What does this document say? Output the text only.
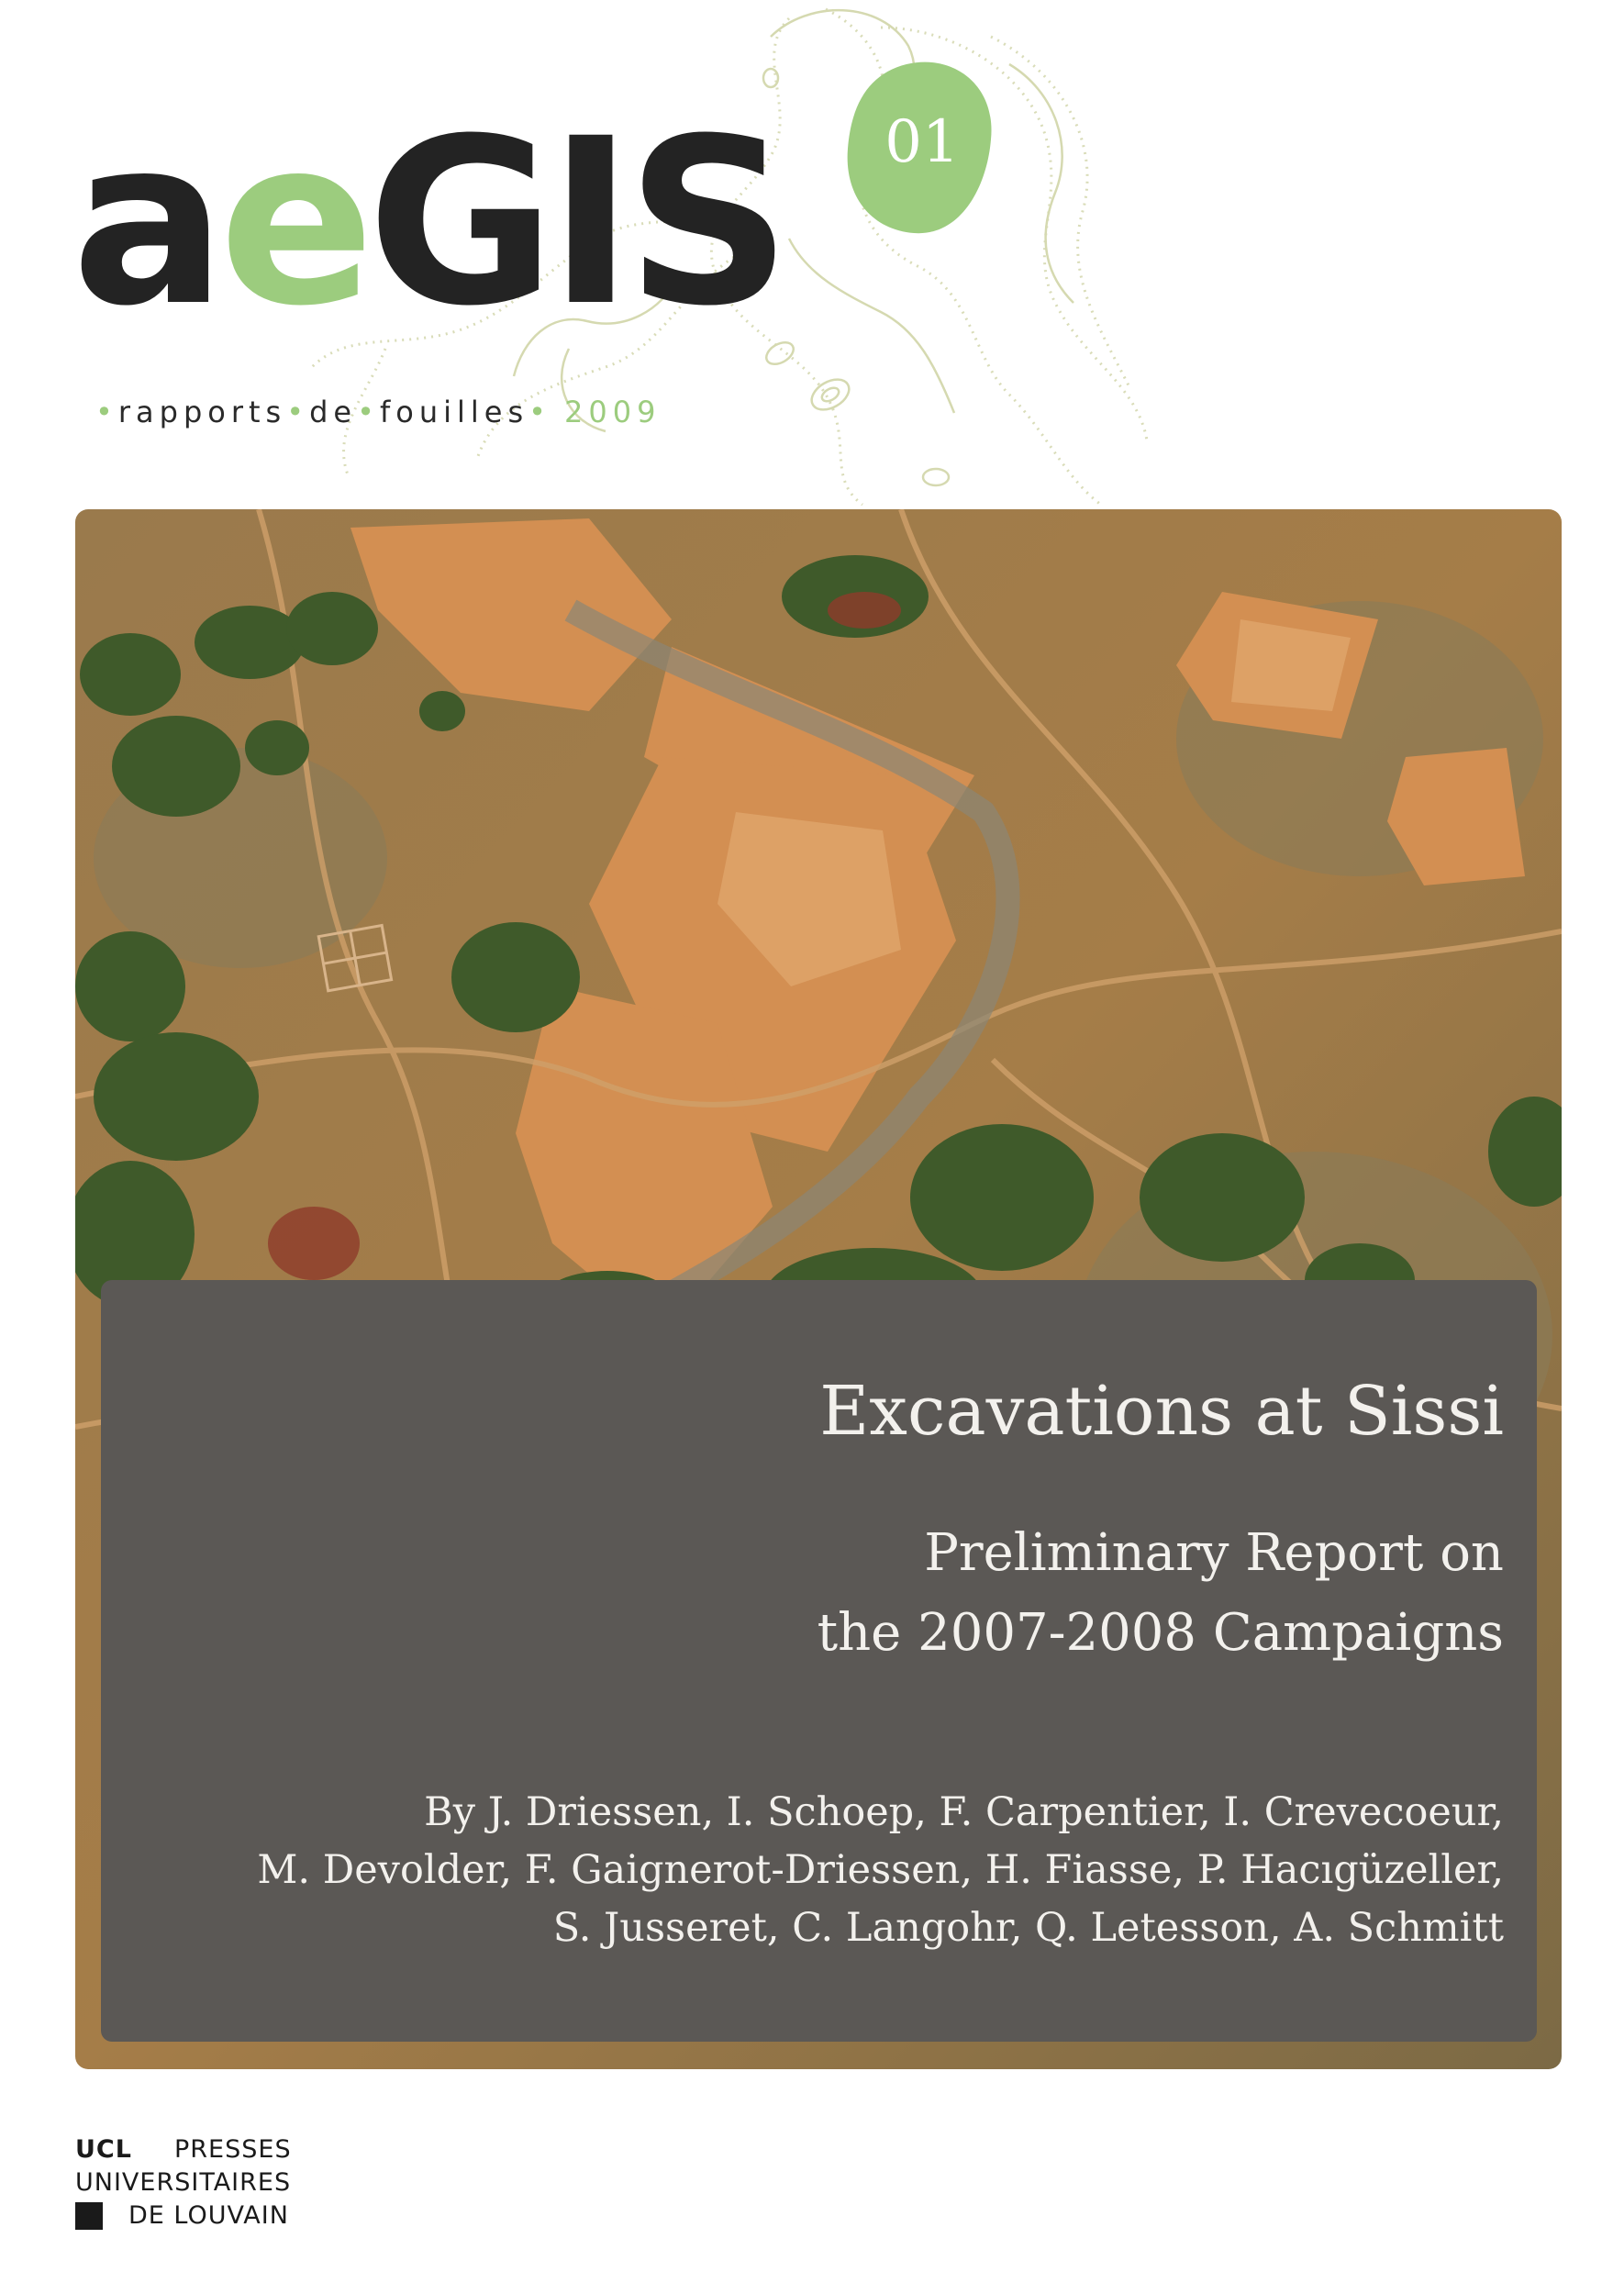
aeGIS	01
•rapports•de•fouilles• 2009
Excavations at Sissi
Preliminary Report on
the 2007-2008 Campaigns
By J. Driessen, I. Schoep, F. Carpentier, I. Crevecoeur,
M. Devolder, F. Gaignerot-Driessen, H. Fiasse, P. Hacıgüzeller,
S. Jusseret, C. Langohr, Q. Letesson, A. Schmitt
UCL	PRESSES
UNIVERSITAIRES
DE LOUVAIN
